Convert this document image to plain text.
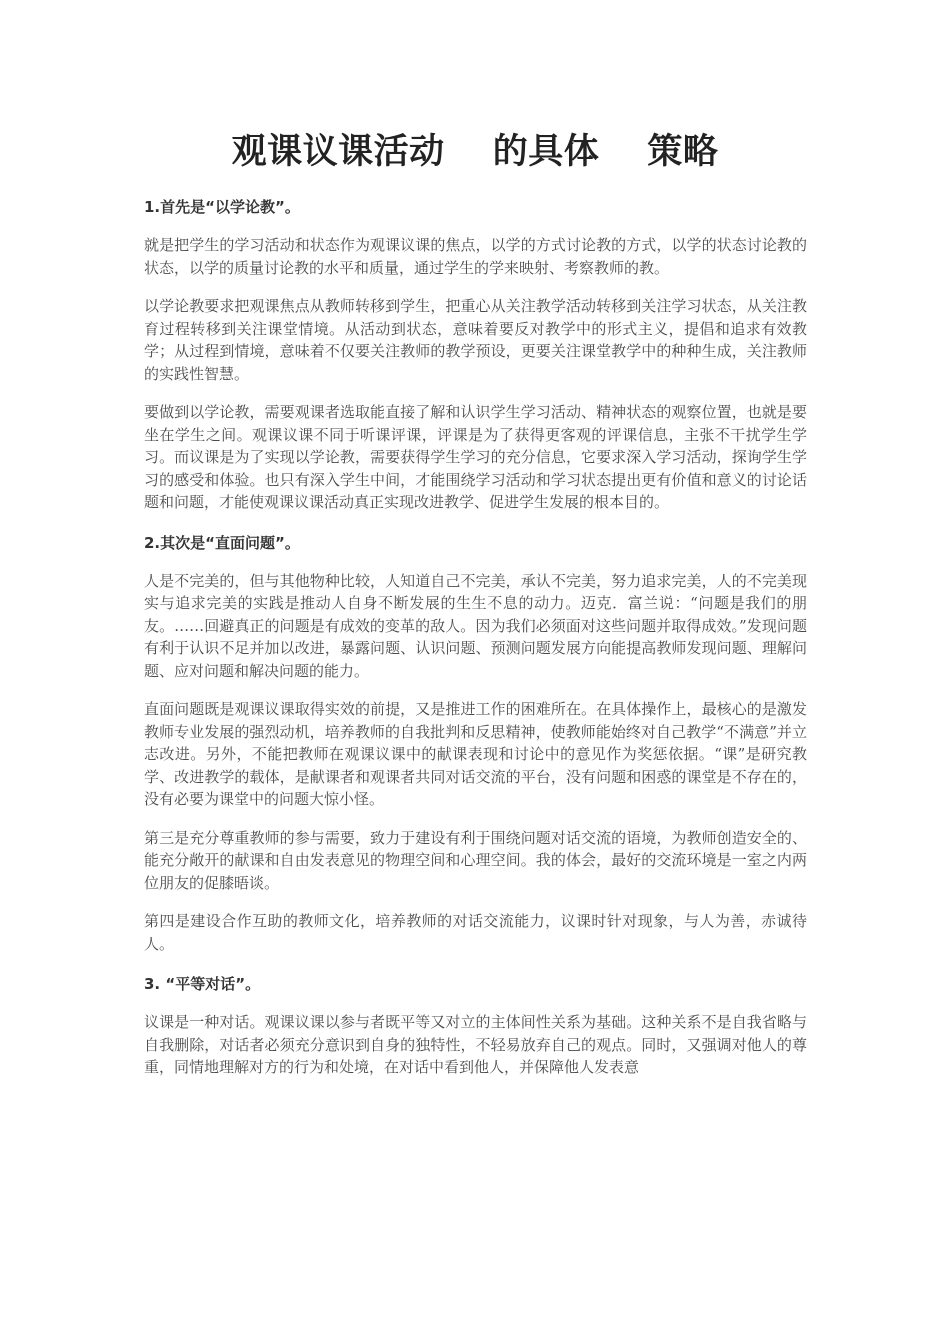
观课议课活动　 的具体　 策略

1.首先是“以学论教”。

就是把学生的学习活动和状态作为观课议课的焦点，以学的方式讨论教的方式，以学的状态讨论教的状态，以学的质量讨论教的水平和质量，通过学生的学来映射、考察教师的教。

以学论教要求把观课焦点从教师转移到学生，把重心从关注教学活动转移到关注学习状态，从关注教育过程转移到关注课堂情境。从活动到状态，意味着要反对教学中的形式主义，提倡和追求有效教学；从过程到情境，意味着不仅要关注教师的教学预设，更要关注课堂教学中的种种生成，关注教师的实践性智慧。

要做到以学论教，需要观课者选取能直接了解和认识学生学习活动、精神状态的观察位置，也就是要坐在学生之间。观课议课不同于听课评课，评课是为了获得更客观的评课信息，主张不干扰学生学习。而议课是为了实现以学论教，需要获得学生学习的充分信息，它要求深入学习活动，探询学生学习的感受和体验。也只有深入学生中间，才能围绕学习活动和学习状态提出更有价值和意义的讨论话题和问题，才能使观课议课活动真正实现改进教学、促进学生发展的根本目的。

2.其次是“直面问题”。

人是不完美的，但与其他物种比较，人知道自己不完美，承认不完美，努力追求完美，人的不完美现实与追求完美的实践是推动人自身不断发展的生生不息的动力。迈克．富兰说：“问题是我们的朋友。……回避真正的问题是有成效的变革的敌人。因为我们必须面对这些问题并取得成效。”发现问题有利于认识不足并加以改进，暴露问题、认识问题、预测问题发展方向能提高教师发现问题、理解问题、应对问题和解决问题的能力。

直面问题既是观课议课取得实效的前提，又是推进工作的困难所在。在具体操作上，最核心的是激发教师专业发展的强烈动机，培养教师的自我批判和反思精神，使教师能始终对自己教学“不满意”并立志改进。另外，不能把教师在观课议课中的献课表现和讨论中的意见作为奖惩依据。“课”是研究教学、改进教学的载体，是献课者和观课者共同对话交流的平台，没有问题和困惑的课堂是不存在的，没有必要为课堂中的问题大惊小怪。

第三是充分尊重教师的参与需要，致力于建设有利于围绕问题对话交流的语境，为教师创造安全的、能充分敞开的献课和自由发表意见的物理空间和心理空间。我的体会，最好的交流环境是一室之内两位朋友的促膝晤谈。

第四是建设合作互助的教师文化，培养教师的对话交流能力，议课时针对现象，与人为善，赤诚待人。

3. “平等对话”。

议课是一种对话。观课议课以参与者既平等又对立的主体间性关系为基础。这种关系不是自我省略与自我删除，对话者必须充分意识到自身的独特性，不轻易放弃自己的观点。同时，又强调对他人的尊重，同情地理解对方的行为和处境，在对话中看到他人，并保障他人发表意
